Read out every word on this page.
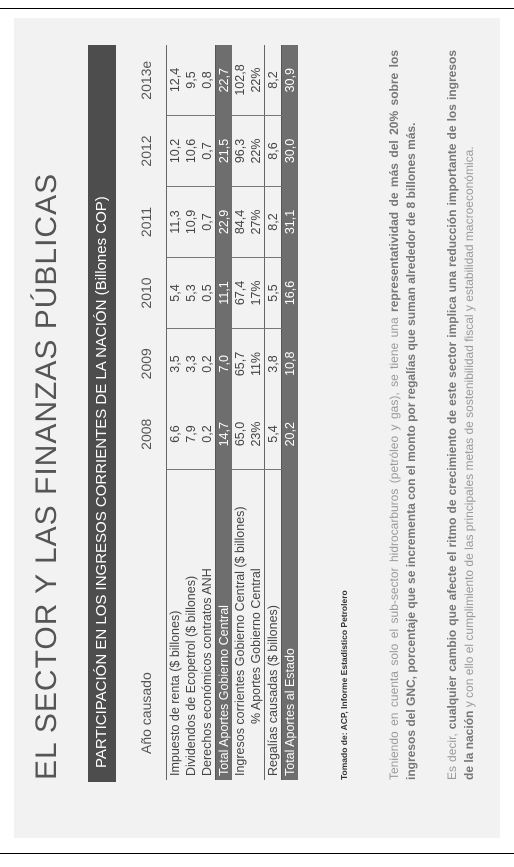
EL SECTOR Y LAS FINANZAS PÚBLICAS	PARTICIPACIÓN EN LOS INGRESOS CORRIENTES DE LA NACIÓN (Billones COP)	Año causado	2008	2009	2010	2011	2012	2013e
Impuesto de renta ($ billones)	6,6	3,5	5,4	11,3	10,2	12,4
Dividendos de Ecopetrol ($ billones)	7,9	3,3	5,3	10,9	10,6	9,5
Derechos económicos contratos ANH	0,2	0,2	0,5	0,7	0,7	0,8
Total Aportes Gobierno Central	14,7	7,0	11,1	22,9	21,5	22,7
Ingresos corrientes Gobierno Central ($ billones)	65,0	65,7	67,4	84,4	96,3	102,8
% Aportes Gobierno Central	23%	11%	17%	27%	22%	22%
Regalías causadas ($ billones)	5,4	3,8	5,5	8,2	8,6	8,2
Total Aportes al Estado	20,2	10,8	16,6	31,1	30,0	30,9
Tomado de: ACP, Informe Estadístico Petrolero	Teniendo en cuenta solo el sub-sector hidrocarburos (petróleo y gas), se tiene una representatividad de más del 20% sobre los ingresos del GNC, porcentaje que se incrementa con el monto por regalías que suman alrededor de 8 billones más. Es decir, cualquier cambio que afecte el ritmo de crecimiento de este sector implica una reducción importante de los ingresos de la nación y con ello el cumplimiento de las principales metas de sostenibilidad fiscal y estabilidad macroeconómica.
